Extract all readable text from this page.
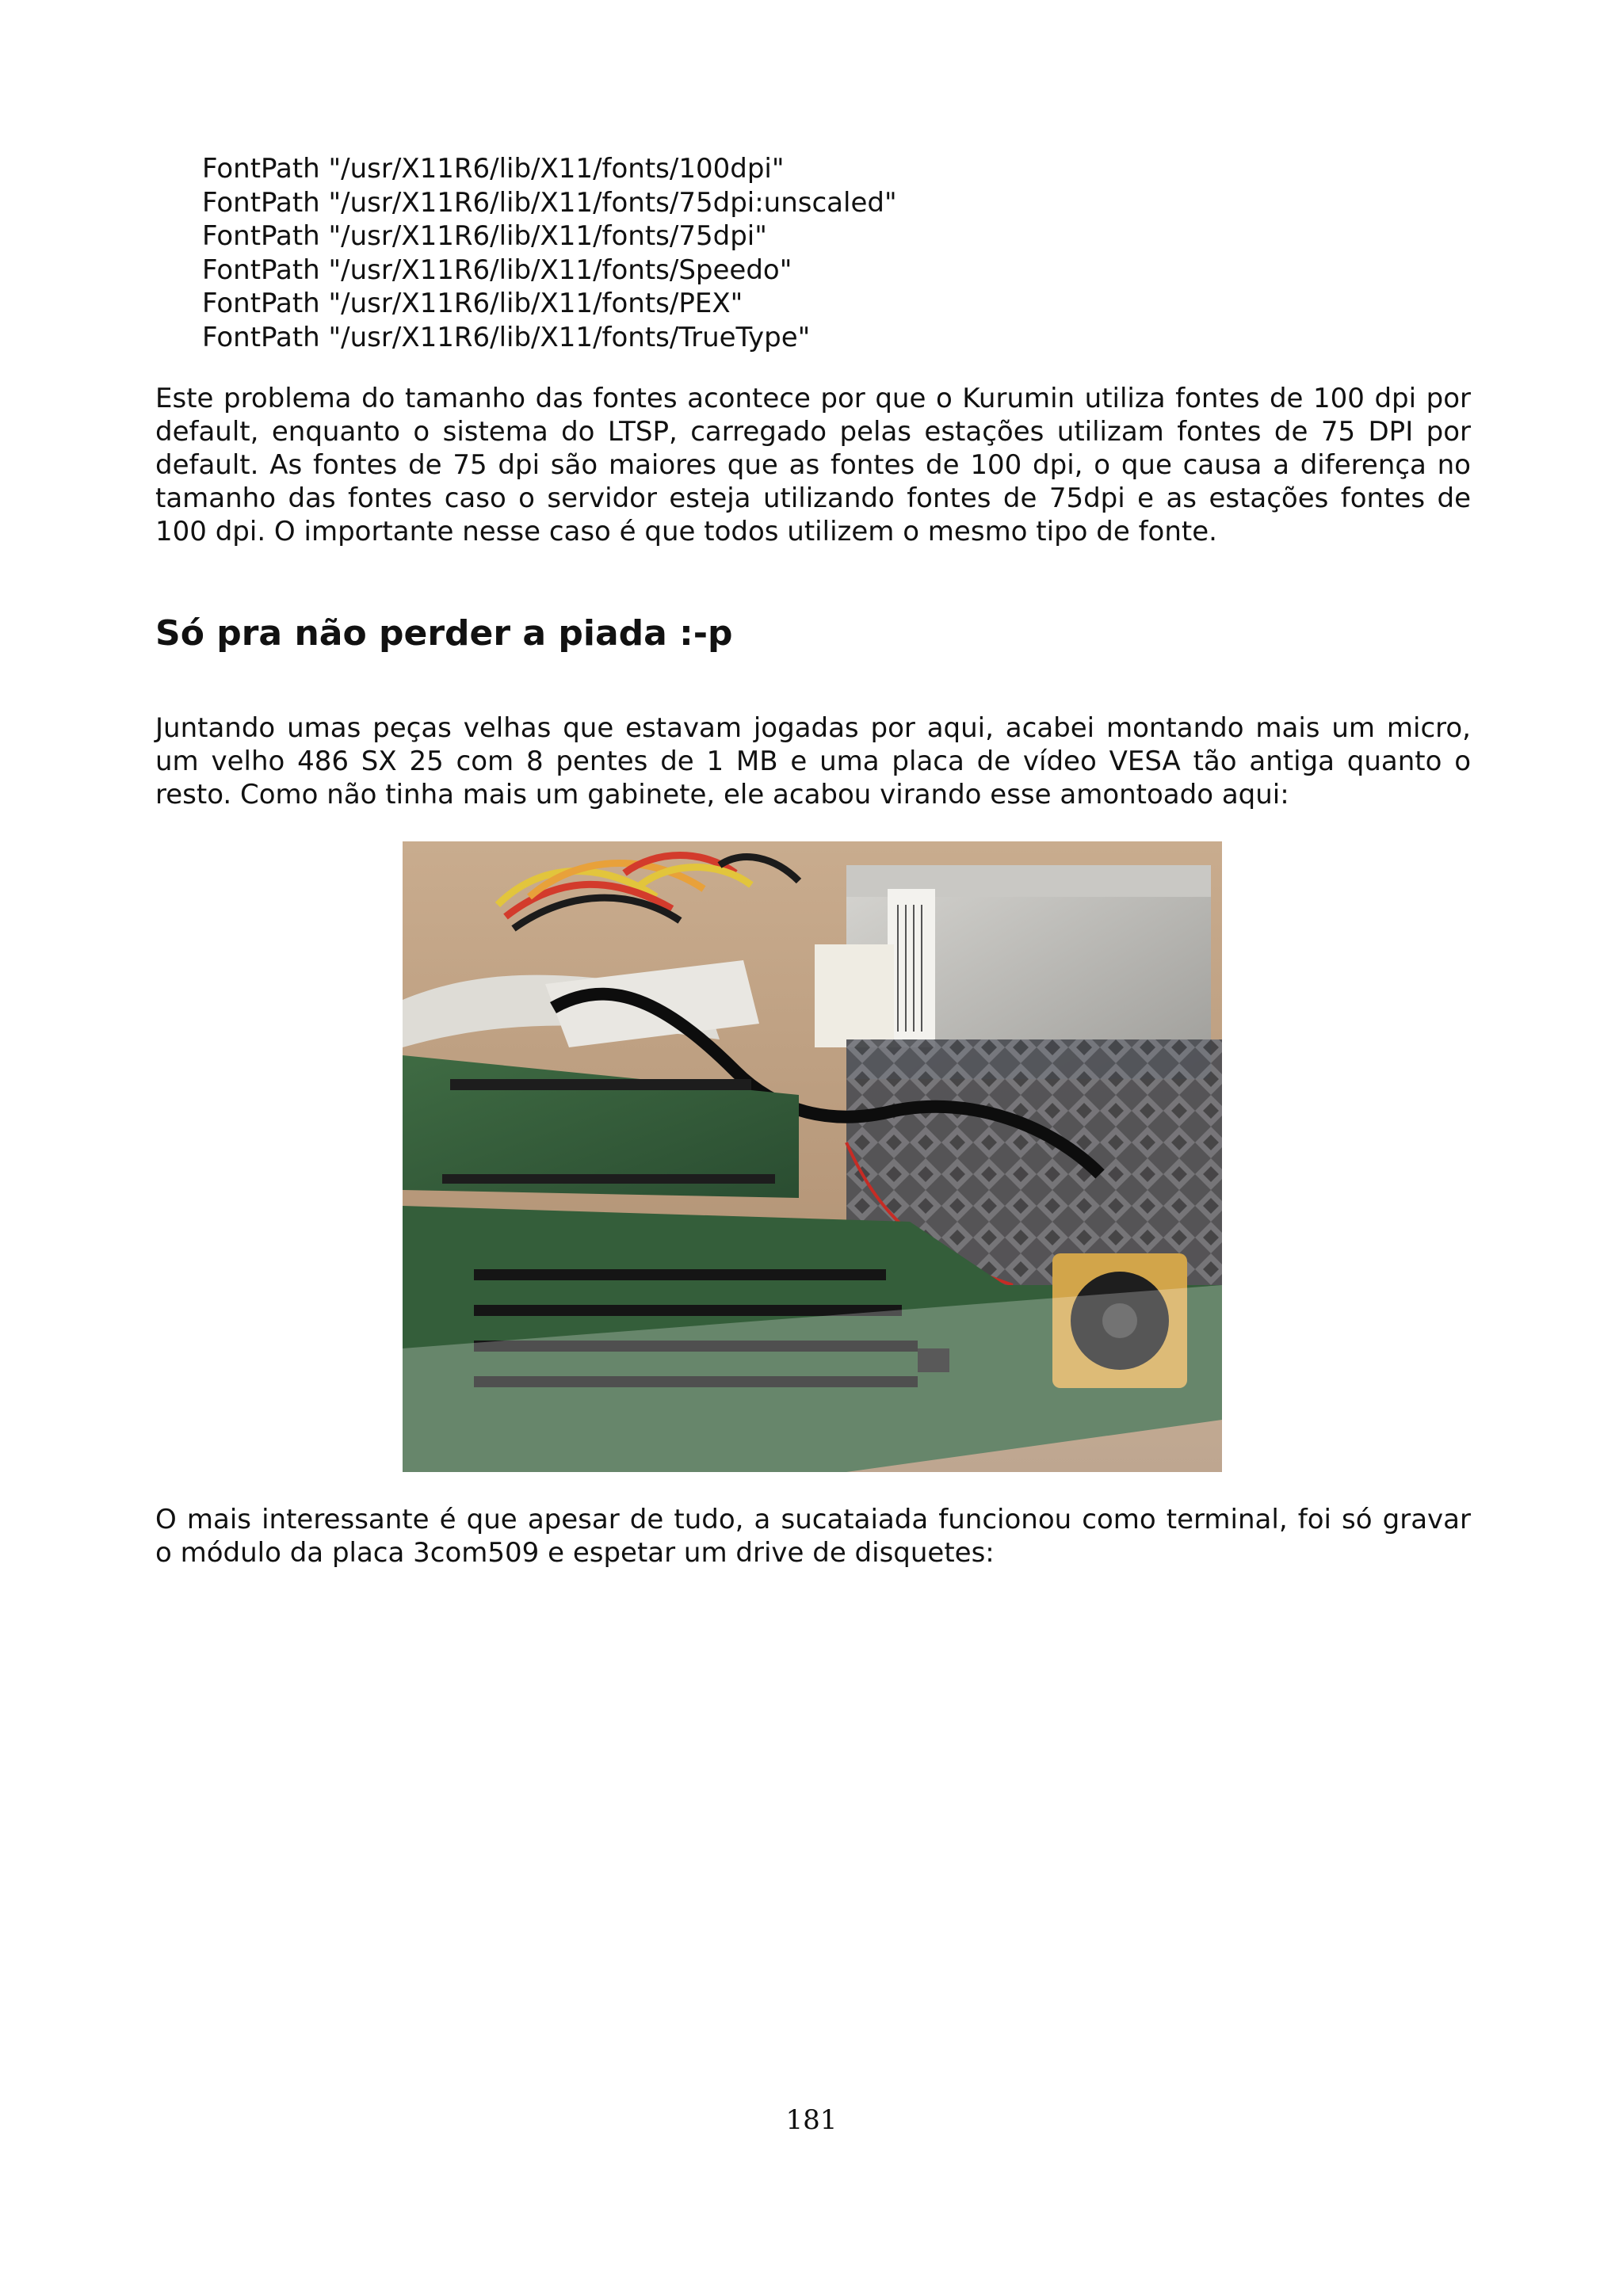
FontPath "/usr/X11R6/lib/X11/fonts/100dpi"

FontPath "/usr/X11R6/lib/X11/fonts/75dpi:unscaled"

FontPath "/usr/X11R6/lib/X11/fonts/75dpi"

FontPath "/usr/X11R6/lib/X11/fonts/Speedo"

FontPath "/usr/X11R6/lib/X11/fonts/PEX"

FontPath "/usr/X11R6/lib/X11/fonts/TrueType"

Este problema do tamanho das fontes acontece por que o Kurumin utiliza fontes de 100 dpi por
default, enquanto o sistema do LTSP, carregado pelas estações utilizam fontes de 75 DPI por
default. As fontes de 75 dpi são maiores que as fontes de 100 dpi, o que causa a diferença no
tamanho das fontes caso o servidor esteja utilizando fontes de 75dpi e as estações fontes de
100 dpi. O importante nesse caso é que todos utilizem o mesmo tipo de fonte.
Só pra não perder a piada :-p
Juntando umas peças velhas que estavam jogadas por aqui, acabei montando mais um micro,
um velho 486 SX 25 com 8 pentes de 1 MB e uma placa de vídeo VESA tão antiga quanto o
resto. Como não tinha mais um gabinete, ele acabou virando esse amontoado aqui:
O mais interessante é que apesar de tudo, a sucataiada funcionou como terminal, foi só gravar
o módulo da placa 3com509 e espetar um drive de disquetes:

181
